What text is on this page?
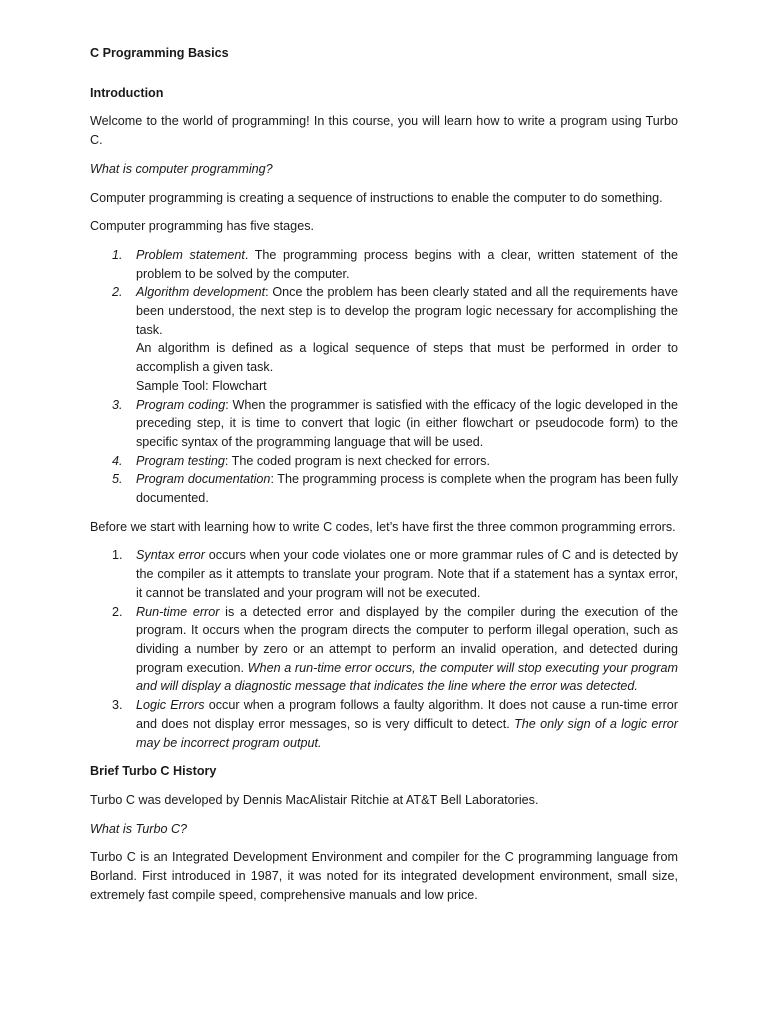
C Programming Basics

Introduction

Welcome to the world of programming! In this course, you will learn how to write a program using Turbo C.

What is computer programming?

Computer programming is creating a sequence of instructions to enable the computer to do something.

Computer programming has five stages.

1. Problem statement. The programming process begins with a clear, written statement of the problem to be solved by the computer.
2. Algorithm development: Once the problem has been clearly stated and all the requirements have been understood, the next step is to develop the program logic necessary for accomplishing the task.
An algorithm is defined as a logical sequence of steps that must be performed in order to accomplish a given task.
Sample Tool: Flowchart
3. Program coding: When the programmer is satisfied with the efficacy of the logic developed in the preceding step, it is time to convert that logic (in either flowchart or pseudocode form) to the specific syntax of the programming language that will be used.
4. Program testing: The coded program is next checked for errors.
5. Program documentation: The programming process is complete when the program has been fully documented.

Before we start with learning how to write C codes, let’s have first the three common programming errors.

1. Syntax error occurs when your code violates one or more grammar rules of C and is detected by the compiler as it attempts to translate your program. Note that if a statement has a syntax error, it cannot be translated and your program will not be executed.
2. Run-time error is a detected error and displayed by the compiler during the execution of the program. It occurs when the program directs the computer to perform illegal operation, such as dividing a number by zero or an attempt to perform an invalid operation, and detected during program execution. When a run-time error occurs, the computer will stop executing your program and will display a diagnostic message that indicates the line where the error was detected.
3. Logic Errors occur when a program follows a faulty algorithm. It does not cause a run-time error and does not display error messages, so is very difficult to detect. The only sign of a logic error may be incorrect program output.

Brief Turbo C History

Turbo C was developed by Dennis MacAlistair Ritchie at AT&T Bell Laboratories.

What is Turbo C?

Turbo C is an Integrated Development Environment and compiler for the C programming language from Borland. First introduced in 1987, it was noted for its integrated development environment, small size, extremely fast compile speed, comprehensive manuals and low price.
